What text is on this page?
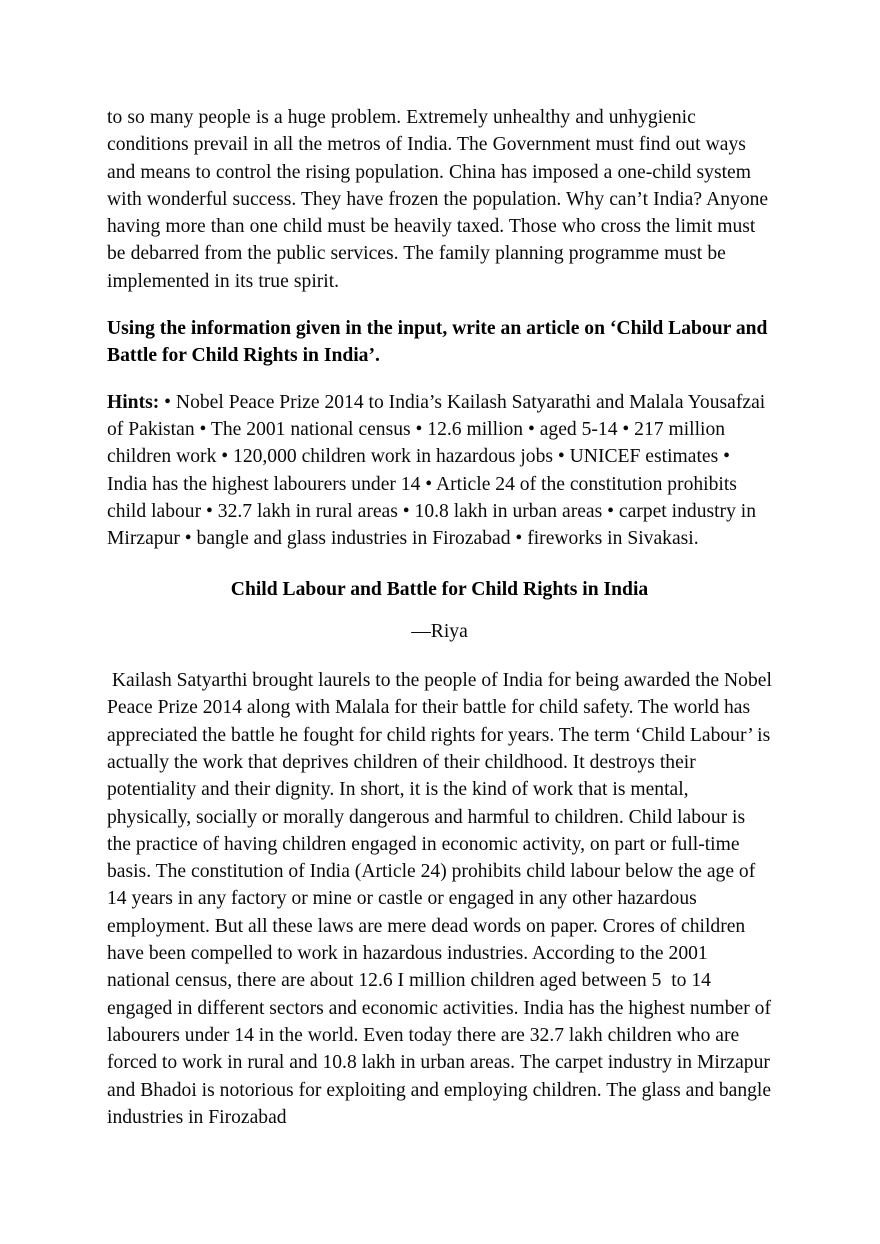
to so many people is a huge problem. Extremely unhealthy and unhygienic conditions prevail in all the metros of India. The Government must find out ways and means to control the rising population. China has imposed a one-child system with wonderful success. They have frozen the population. Why can’t India? Anyone having more than one child must be heavily taxed. Those who cross the limit must be debarred from the public services. The family planning programme must be implemented in its true spirit.

Using the information given in the input, write an article on ‘Child Labour and Battle for Child Rights in India’.

Hints: • Nobel Peace Prize 2014 to India’s Kailash Satyarathi and Malala Yousafzai of Pakistan • The 2001 national census • 12.6 million • aged 5-14 • 217 million children work • 120,000 children work in hazardous jobs • UNICEF estimates • India has the highest labourers under 14 • Article 24 of the constitution prohibits child labour • 32.7 lakh in rural areas • 10.8 lakh in urban areas • carpet industry in Mirzapur • bangle and glass industries in Firozabad • fireworks in Sivakasi.

Child Labour and Battle for Child Rights in India

—Riya

Kailash Satyarthi brought laurels to the people of India for being awarded the Nobel Peace Prize 2014 along with Malala for their battle for child safety. The world has appreciated the battle he fought for child rights for years. The term ‘Child Labour’ is actually the work that deprives children of their childhood. It destroys their potentiality and their dignity. In short, it is the kind of work that is mental, physically, socially or morally dangerous and harmful to children. Child labour is the practice of having children engaged in economic activity, on part or full-time basis. The constitution of India (Article 24) prohibits child labour below the age of 14 years in any factory or mine or castle or engaged in any other hazardous employment. But all these laws are mere dead words on paper. Crores of children have been compelled to work in hazardous industries. According to the 2001 national census, there are about 12.6 I million children aged between 5  to 14 engaged in different sectors and economic activities. India has the highest number of labourers under 14 in the world. Even today there are 32.7 lakh children who are forced to work in rural and 10.8 lakh in urban areas. The carpet industry in Mirzapur and Bhadoi is notorious for exploiting and employing children. The glass and bangle industries in Firozabad
